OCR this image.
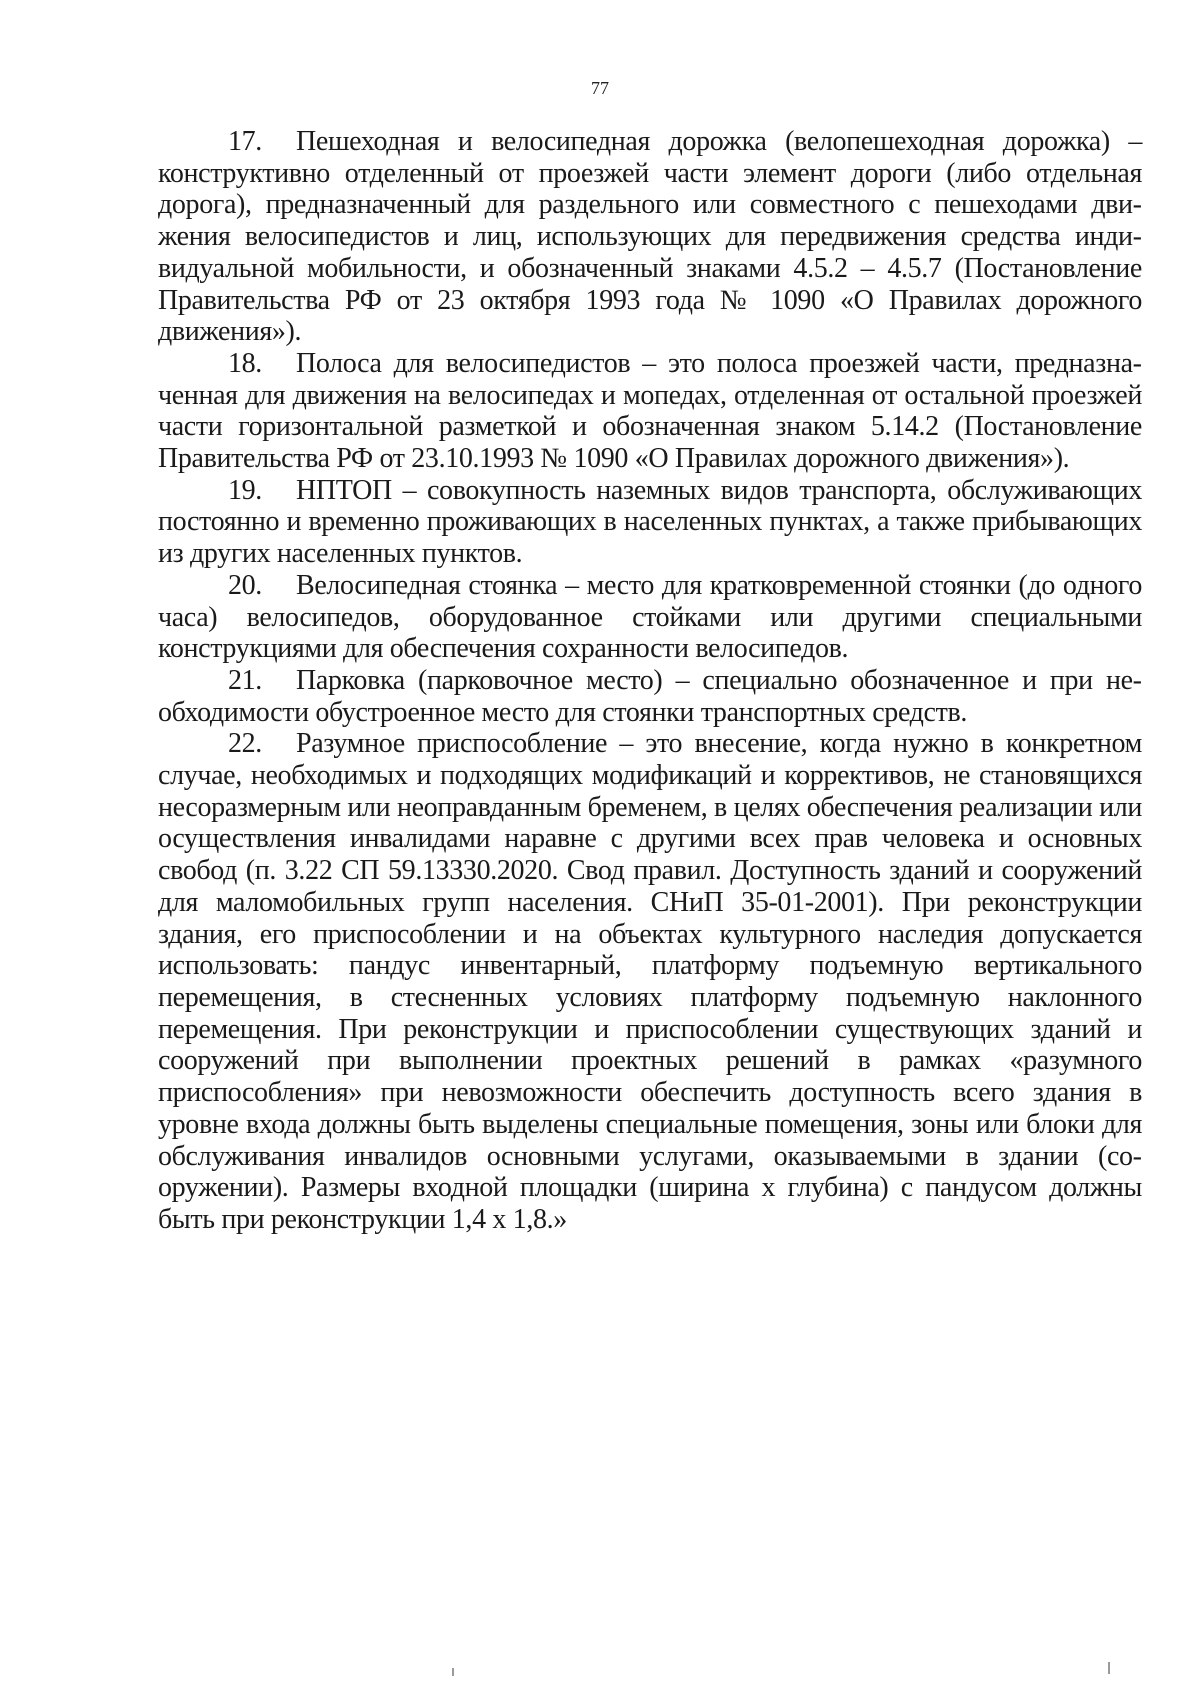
77

17. Пешеходная и велосипедная дорожка (велопешеходная дорожка) – конструктивно отделенный от проезжей части элемент дороги (либо отдельная дорога), предназначенный для раздельного или совместного с пешеходами движения велосипедистов и лиц, использующих для передвижения средства индивидуальной мобильности, и обозначенный знаками 4.5.2 – 4.5.7 (Постановление Правительства РФ от 23 октября 1993 года № 1090 «О Правилах дорожного движения»).

18. Полоса для велосипедистов – это полоса проезжей части, предназначенная для движения на велосипедах и мопедах, отделенная от остальной проезжей части горизонтальной разметкой и обозначенная знаком 5.14.2 (Постановление Правительства РФ от 23.10.1993 № 1090 «О Правилах дорожного движения»).

19. НПТОП – совокупность наземных видов транспорта, обслуживающих постоянно и временно проживающих в населенных пунктах, а также прибывающих из других населенных пунктов.

20. Велосипедная стоянка – место для кратковременной стоянки (до одного часа) велосипедов, оборудованное стойками или другими специальными конструкциями для обеспечения сохранности велосипедов.

21. Парковка (парковочное место) – специально обозначенное и при необходимости обустроенное место для стоянки транспортных средств.

22. Разумное приспособление – это внесение, когда нужно в конкретном случае, необходимых и подходящих модификаций и коррективов, не становящихся несоразмерным или неоправданным бременем, в целях обеспечения реализации или осуществления инвалидами наравне с другими всех прав человека и основных свобод (п. 3.22 СП 59.13330.2020. Свод правил. Доступность зданий и сооружений для маломобильных групп населения. СНиП 35-01-2001). При реконструкции здания, его приспособлении и на объектах культурного наследия допускается использовать: пандус инвентарный, платформу подъемную вертикального перемещения, в стесненных условиях платформу подъемную наклонного перемещения. При реконструкции и приспособлении существующих зданий и сооружений при выполнении проектных решений в рамках «разумного приспособления» при невозможности обеспечить доступность всего здания в уровне входа должны быть выделены специальные помещения, зоны или блоки для обслуживания инвалидов основными услугами, оказываемыми в здании (сооружении). Размеры входной площадки (ширина х глубина) с пандусом должны быть при реконструкции 1,4 х 1,8.»
